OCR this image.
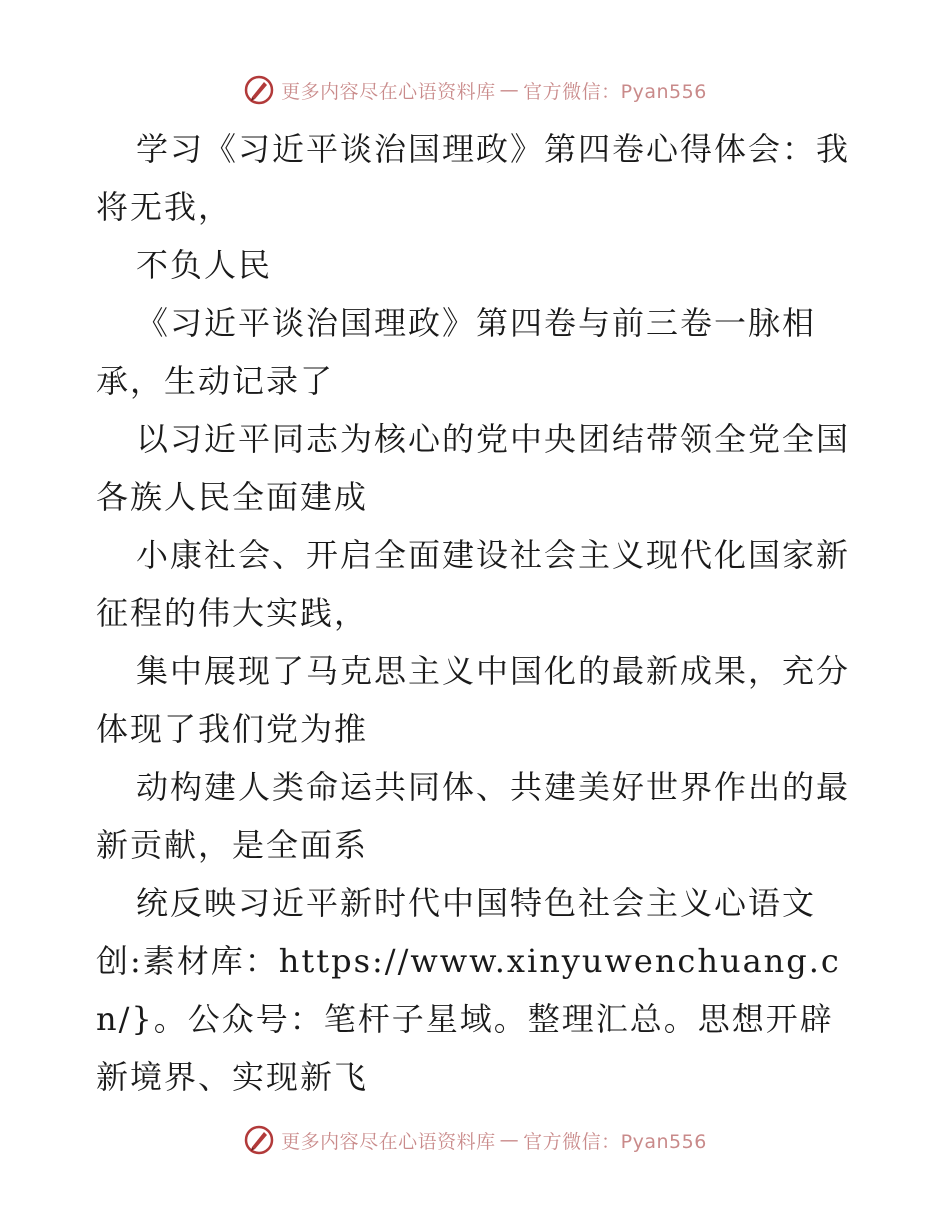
更多内容尽在心语资料库 — 官方微信：Pyan556

学习《习近平谈治国理政》第四卷心得体会：我将无我，

不负人民

《习近平谈治国理政》第四卷与前三卷一脉相承，生动记录了

以习近平同志为核心的党中央团结带领全党全国各族人民全面建成

小康社会、开启全面建设社会主义现代化国家新征程的伟大实践，

集中展现了马克思主义中国化的最新成果，充分体现了我们党为推

动构建人类命运共同体、共建美好世界作出的最新贡献，是全面系

统反映习近平新时代中国特色社会主义心语文创:素材库：https://www.xinyuwenchuang.cn/}。公众号：笔杆子星域。整理汇总。思想开辟新境界、实现新飞

更多内容尽在心语资料库 — 官方微信：Pyan556
